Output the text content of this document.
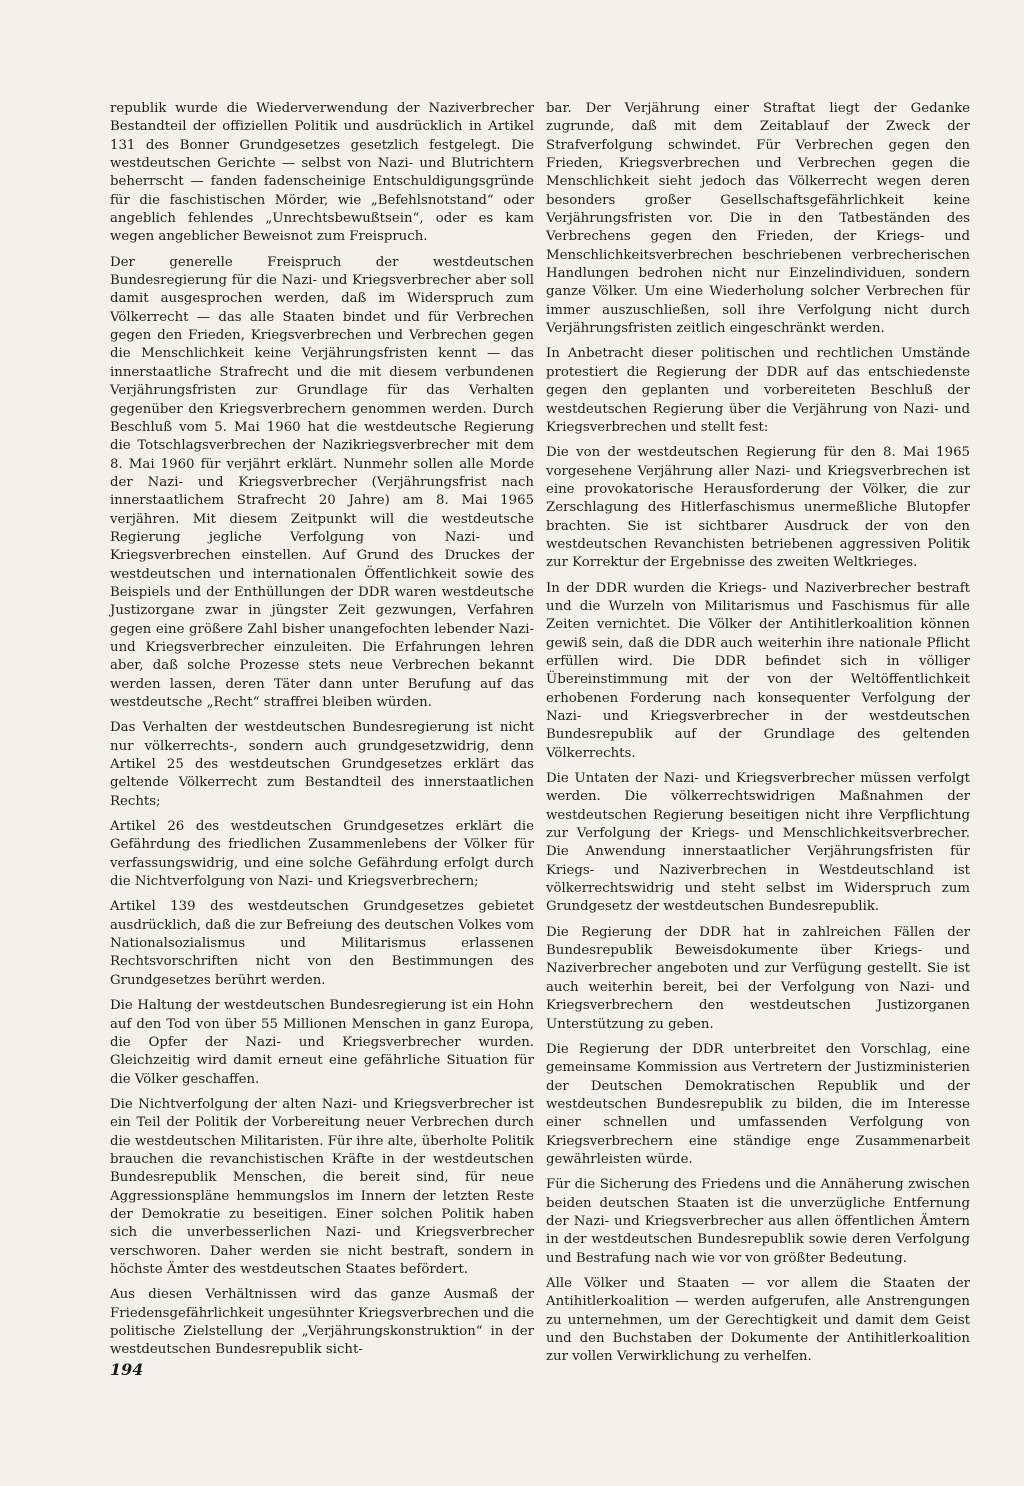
republik wurde die Wiederverwendung der Naziverbrecher Bestandteil der offiziellen Politik und ausdrücklich in Artikel 131 des Bonner Grundgesetzes gesetzlich festgelegt. Die westdeutschen Gerichte — selbst von Nazi- und Blutrichtern beherrscht — fanden fadenscheinige Entschuldigungsgründe für die faschistischen Mörder, wie „Befehlsnotstand“ oder angeblich fehlendes „Unrechtsbewußtsein“, oder es kam wegen angeblicher Beweisnot zum Freispruch.

Der generelle Freispruch der westdeutschen Bundesregierung für die Nazi- und Kriegsverbrecher aber soll damit ausgesprochen werden, daß im Widerspruch zum Völkerrecht — das alle Staaten bindet und für Verbrechen gegen den Frieden, Kriegsverbrechen und Verbrechen gegen die Menschlichkeit keine Verjährungsfristen kennt — das innerstaatliche Strafrecht und die mit diesem verbundenen Verjährungsfristen zur Grundlage für das Verhalten gegenüber den Kriegsverbrechern genommen werden. Durch Beschluß vom 5. Mai 1960 hat die westdeutsche Regierung die Totschlagsverbrechen der Nazikriegsverbrecher mit dem 8. Mai 1960 für verjährt erklärt. Nunmehr sollen alle Morde der Nazi- und Kriegsverbrecher (Verjährungsfrist nach innerstaatlichem Strafrecht 20 Jahre) am 8. Mai 1965 verjähren. Mit diesem Zeitpunkt will die westdeutsche Regierung jegliche Verfolgung von Nazi- und Kriegsverbrechen einstellen. Auf Grund des Druckes der westdeutschen und internationalen Öffentlichkeit sowie des Beispiels und der Enthüllungen der DDR waren westdeutsche Justizorgane zwar in jüngster Zeit gezwungen, Verfahren gegen eine größere Zahl bisher unangefochten lebender Nazi- und Kriegsverbrecher einzuleiten. Die Erfahrungen lehren aber, daß solche Prozesse stets neue Verbrechen bekannt werden lassen, deren Täter dann unter Berufung auf das westdeutsche „Recht“ straffrei bleiben würden.

Das Verhalten der westdeutschen Bundesregierung ist nicht nur völkerrechts-, sondern auch grundgesetzwidrig, denn Artikel 25 des westdeutschen Grundgesetzes erklärt das geltende Völkerrecht zum Bestandteil des innerstaatlichen Rechts;

Artikel 26 des westdeutschen Grundgesetzes erklärt die Gefährdung des friedlichen Zusammenlebens der Völker für verfassungswidrig, und eine solche Gefährdung erfolgt durch die Nichtverfolgung von Nazi- und Kriegsverbrechern;

Artikel 139 des westdeutschen Grundgesetzes gebietet ausdrücklich, daß die zur Befreiung des deutschen Volkes vom Nationalsozialismus und Militarismus erlassenen Rechtsvorschriften nicht von den Bestimmungen des Grundgesetzes berührt werden.

Die Haltung der westdeutschen Bundesregierung ist ein Hohn auf den Tod von über 55 Millionen Menschen in ganz Europa, die Opfer der Nazi- und Kriegsverbrecher wurden. Gleichzeitig wird damit erneut eine gefährliche Situation für die Völker geschaffen.

Die Nichtverfolgung der alten Nazi- und Kriegsverbrecher ist ein Teil der Politik der Vorbereitung neuer Verbrechen durch die westdeutschen Militaristen. Für ihre alte, überholte Politik brauchen die revanchistischen Kräfte in der westdeutschen Bundesrepublik Menschen, die bereit sind, für neue Aggressionspläne hemmungslos im Innern der letzten Reste der Demokratie zu beseitigen. Einer solchen Politik haben sich die unverbesserlichen Nazi- und Kriegsverbrecher verschworen. Daher werden sie nicht bestraft, sondern in höchste Ämter des westdeutschen Staates befördert.

Aus diesen Verhältnissen wird das ganze Ausmaß der Friedensgefährlichkeit ungesühnter Kriegsverbrechen und die politische Zielstellung der „Verjährungskonstruktion“ in der westdeutschen Bundesrepublik sicht-

bar. Der Verjährung einer Straftat liegt der Gedanke zugrunde, daß mit dem Zeitablauf der Zweck der Strafverfolgung schwindet. Für Verbrechen gegen den Frieden, Kriegsverbrechen und Verbrechen gegen die Menschlichkeit sieht jedoch das Völkerrecht wegen deren besonders großer Gesellschaftsgefährlichkeit keine Verjährungsfristen vor. Die in den Tatbeständen des Verbrechens gegen den Frieden, der Kriegs- und Menschlichkeitsverbrechen beschriebenen verbrecherischen Handlungen bedrohen nicht nur Einzelindividuen, sondern ganze Völker. Um eine Wiederholung solcher Verbrechen für immer auszuschließen, soll ihre Verfolgung nicht durch Verjährungsfristen zeitlich eingeschränkt werden.

In Anbetracht dieser politischen und rechtlichen Umstände protestiert die Regierung der DDR auf das entschiedenste gegen den geplanten und vorbereiteten Beschluß der westdeutschen Regierung über die Verjährung von Nazi- und Kriegsverbrechen und stellt fest:

Die von der westdeutschen Regierung für den 8. Mai 1965 vorgesehene Verjährung aller Nazi- und Kriegsverbrechen ist eine provokatorische Herausforderung der Völker, die zur Zerschlagung des Hitlerfaschismus unermeßliche Blutopfer brachten. Sie ist sichtbarer Ausdruck der von den westdeutschen Revanchisten betriebenen aggressiven Politik zur Korrektur der Ergebnisse des zweiten Weltkrieges.

In der DDR wurden die Kriegs- und Naziverbrecher bestraft und die Wurzeln von Militarismus und Faschismus für alle Zeiten vernichtet. Die Völker der Antihitlerkoalition können gewiß sein, daß die DDR auch weiterhin ihre nationale Pflicht erfüllen wird. Die DDR befindet sich in völliger Übereinstimmung mit der von der Weltöffentlichkeit erhobenen Forderung nach konsequenter Verfolgung der Nazi- und Kriegsverbrecher in der westdeutschen Bundesrepublik auf der Grundlage des geltenden Völkerrechts.

Die Untaten der Nazi- und Kriegsverbrecher müssen verfolgt werden. Die völkerrechtswidrigen Maßnahmen der westdeutschen Regierung beseitigen nicht ihre Verpflichtung zur Verfolgung der Kriegs- und Menschlichkeitsverbrecher. Die Anwendung innerstaatlicher Verjährungsfristen für Kriegs- und Naziverbrechen in Westdeutschland ist völkerrechtswidrig und steht selbst im Widerspruch zum Grundgesetz der westdeutschen Bundesrepublik.

Die Regierung der DDR hat in zahlreichen Fällen der Bundesrepublik Beweisdokumente über Kriegs- und Naziverbrecher angeboten und zur Verfügung gestellt. Sie ist auch weiterhin bereit, bei der Verfolgung von Nazi- und Kriegsverbrechern den westdeutschen Justizorganen Unterstützung zu geben.

Die Regierung der DDR unterbreitet den Vorschlag, eine gemeinsame Kommission aus Vertretern der Justizministerien der Deutschen Demokratischen Republik und der westdeutschen Bundesrepublik zu bilden, die im Interesse einer schnellen und umfassenden Verfolgung von Kriegsverbrechern eine ständige enge Zusammenarbeit gewährleisten würde.

Für die Sicherung des Friedens und die Annäherung zwischen beiden deutschen Staaten ist die unverzügliche Entfernung der Nazi- und Kriegsverbrecher aus allen öffentlichen Ämtern in der westdeutschen Bundesrepublik sowie deren Verfolgung und Bestrafung nach wie vor von größter Bedeutung.

Alle Völker und Staaten — vor allem die Staaten der Antihitlerkoalition — werden aufgerufen, alle Anstrengungen zu unternehmen, um der Gerechtigkeit und damit dem Geist und den Buchstaben der Dokumente der Antihitlerkoalition zur vollen Verwirklichung zu verhelfen.

194
